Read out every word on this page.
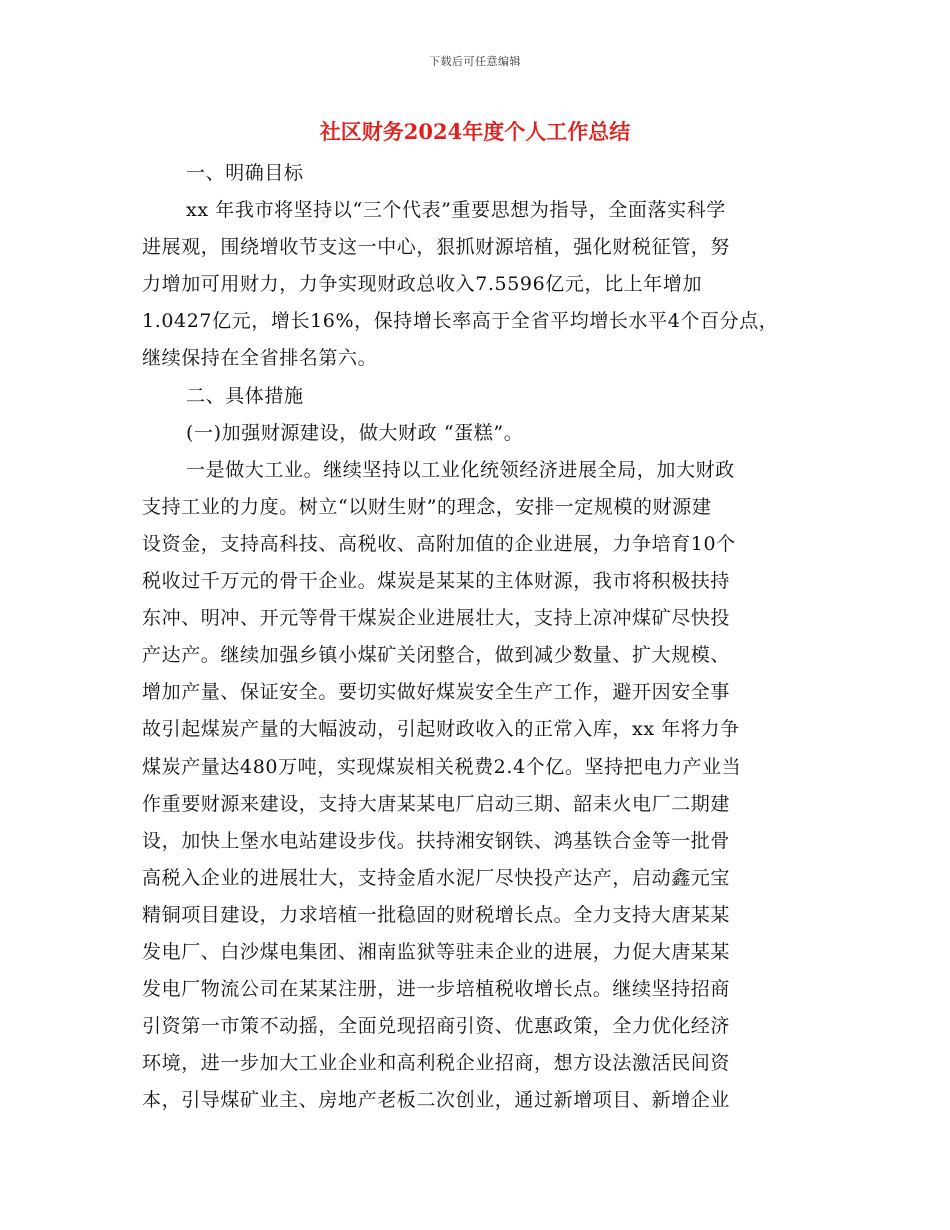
下载后可任意编辑
社区财务2024年度个人工作总结
一、明确目标
xx 年我市将坚持以“三个代表”重要思想为指导，全面落实科学
进展观，围绕增收节支这一中心，狠抓财源培植，强化财税征管，努
力增加可用财力，力争实现财政总收入7.5596亿元，比上年增加
1.0427亿元，增长16%，保持增长率高于全省平均增长水平4个百分点，
继续保持在全省排名第六。
二、具体措施
(一)加强财源建设，做大财政 “蛋糕”。
一是做大工业。继续坚持以工业化统领经济进展全局，加大财政
支持工业的力度。树立“以财生财”的理念，安排一定规模的财源建
设资金，支持高科技、高税收、高附加值的企业进展，力争培育10个
税收过千万元的骨干企业。煤炭是某某的主体财源，我市将积极扶持
东冲、明冲、开元等骨干煤炭企业进展壮大，支持上凉冲煤矿尽快投
产达产。继续加强乡镇小煤矿关闭整合，做到减少数量、扩大规模、
增加产量、保证安全。要切实做好煤炭安全生产工作，避开因安全事
故引起煤炭产量的大幅波动，引起财政收入的正常入库，xx 年将力争
煤炭产量达480万吨，实现煤炭相关税费2.4个亿。坚持把电力产业当
作重要财源来建设，支持大唐某某电厂启动三期、韶耒火电厂二期建
设，加快上堡水电站建设步伐。扶持湘安钢铁、鸿基铁合金等一批骨
高税入企业的进展壮大，支持金盾水泥厂尽快投产达产，启动鑫元宝
精铜项目建设，力求培植一批稳固的财税增长点。全力支持大唐某某
发电厂、白沙煤电集团、湘南监狱等驻耒企业的进展，力促大唐某某
发电厂物流公司在某某注册，进一步培植税收增长点。继续坚持招商
引资第一市策不动摇，全面兑现招商引资、优惠政策，全力优化经济
环境，进一步加大工业企业和高利税企业招商，想方设法激活民间资
本，引导煤矿业主、房地产老板二次创业，通过新增项目、新增企业
